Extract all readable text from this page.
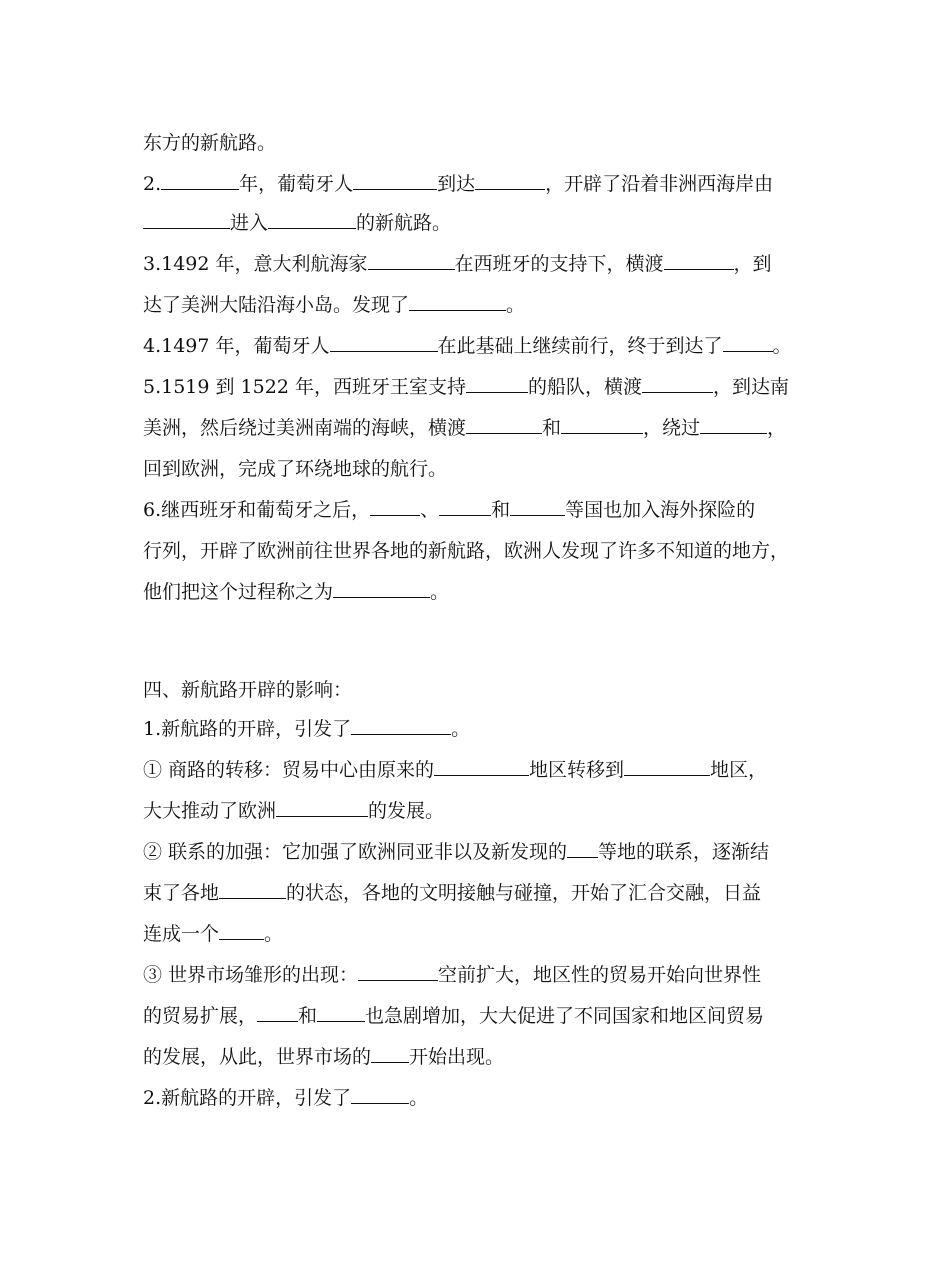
东方的新航路。
2.	年，葡萄牙人	到达	，开辟了沿着非洲西海岸由
进入	的新航路。
3.1492 年，意大利航海家	在西班牙的支持下，横渡	，到
达了美洲大陆沿海小岛。发现了	。
4.1497 年，葡萄牙人	在此基础上继续前行，终于到达了	。
5.1519 到 1522 年，西班牙王室支持	的船队，横渡	，到达南
美洲，然后绕过美洲南端的海峡，横渡	和	，绕过	，
回到欧洲，完成了环绕地球的航行。
6.继西班牙和葡萄牙之后，	、	和	等国也加入海外探险的
行列，开辟了欧洲前往世界各地的新航路，欧洲人发现了许多不知道的地方，
他们把这个过程称之为	。
四、新航路开辟的影响：
1.新航路的开辟，引发了	。
① 商路的转移：贸易中心由原来的	地区转移到	地区，
大大推动了欧洲	的发展。
② 联系的加强：它加强了欧洲同亚非以及新发现的 等地的联系，逐渐结
束了各地	的状态，各地的文明接触与碰撞，开始了汇合交融，日益
连成一个 。
③ 世界市场雏形的出现：	空前扩大，地区性的贸易开始向世界性
的贸易扩展， 和	也急剧增加，大大促进了不同国家和地区间贸易
的发展，从此，世界市场的 开始出现。
2.新航路的开辟，引发了	。
